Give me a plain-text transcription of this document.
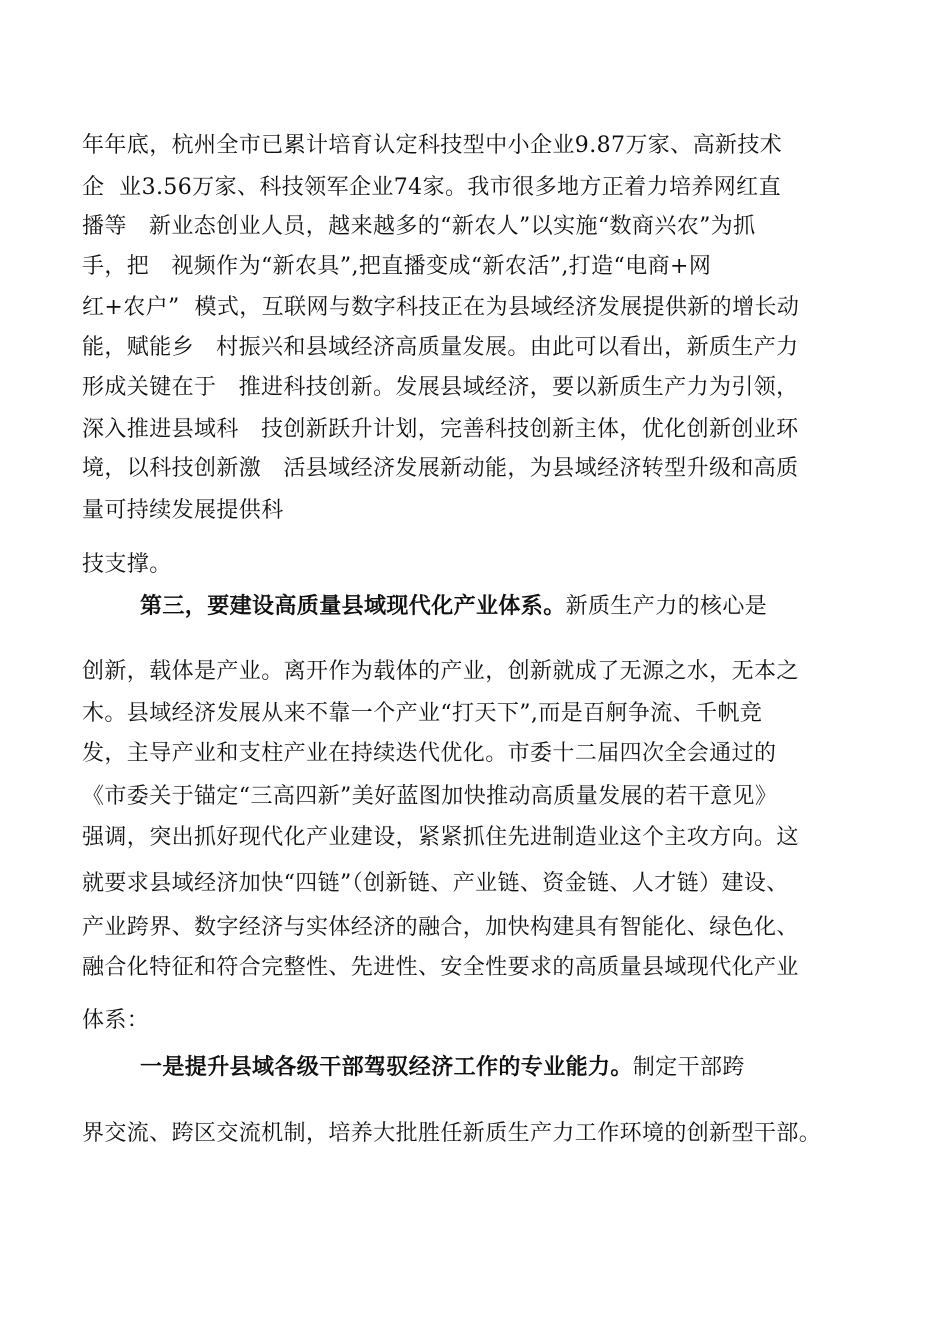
年年底，杭州全市已累计培育认定科技型中小企业9.87万家、高新技术
企  业3.56万家、科技领军企业74家。我市很多地方正着力培养网红直
播等   新业态创业人员，越来越多的“新农人”以实施“数商兴农”为抓
手，把   视频作为“新农具”,把直播变成“新农活”,打造“电商+网
红+农户”  模式，互联网与数字科技正在为县域经济发展提供新的增长动
能，赋能乡   村振兴和县域经济高质量发展。由此可以看出，新质生产力
形成关键在于   推进科技创新。发展县域经济，要以新质生产力为引领，
深入推进县域科   技创新跃升计划，完善科技创新主体，优化创新创业环
境，以科技创新激   活县域经济发展新动能，为县域经济转型升级和高质
量可持续发展提供科
技支撑。
第三，要建设高质量县域现代化产业体系。新质生产力的核心是
创新，载体是产业。离开作为载体的产业，创新就成了无源之水，无本之
木。县域经济发展从来不靠一个产业“打天下”,而是百舸争流、千帆竞
发，主导产业和支柱产业在持续迭代优化。市委十二届四次全会通过的
《市委关于锚定“三高四新”美好蓝图加快推动高质量发展的若干意见》
强调，突出抓好现代化产业建设，紧紧抓住先进制造业这个主攻方向。这
就要求县域经济加快“四链”（创新链、产业链、资金链、人才链）建设、
产业跨界、数字经济与实体经济的融合，加快构建具有智能化、绿色化、
融合化特征和符合完整性、先进性、安全性要求的高质量县域现代化产业
体系：
一是提升县域各级干部驾驭经济工作的专业能力。制定干部跨
界交流、跨区交流机制，培养大批胜任新质生产力工作环境的创新型干部。
